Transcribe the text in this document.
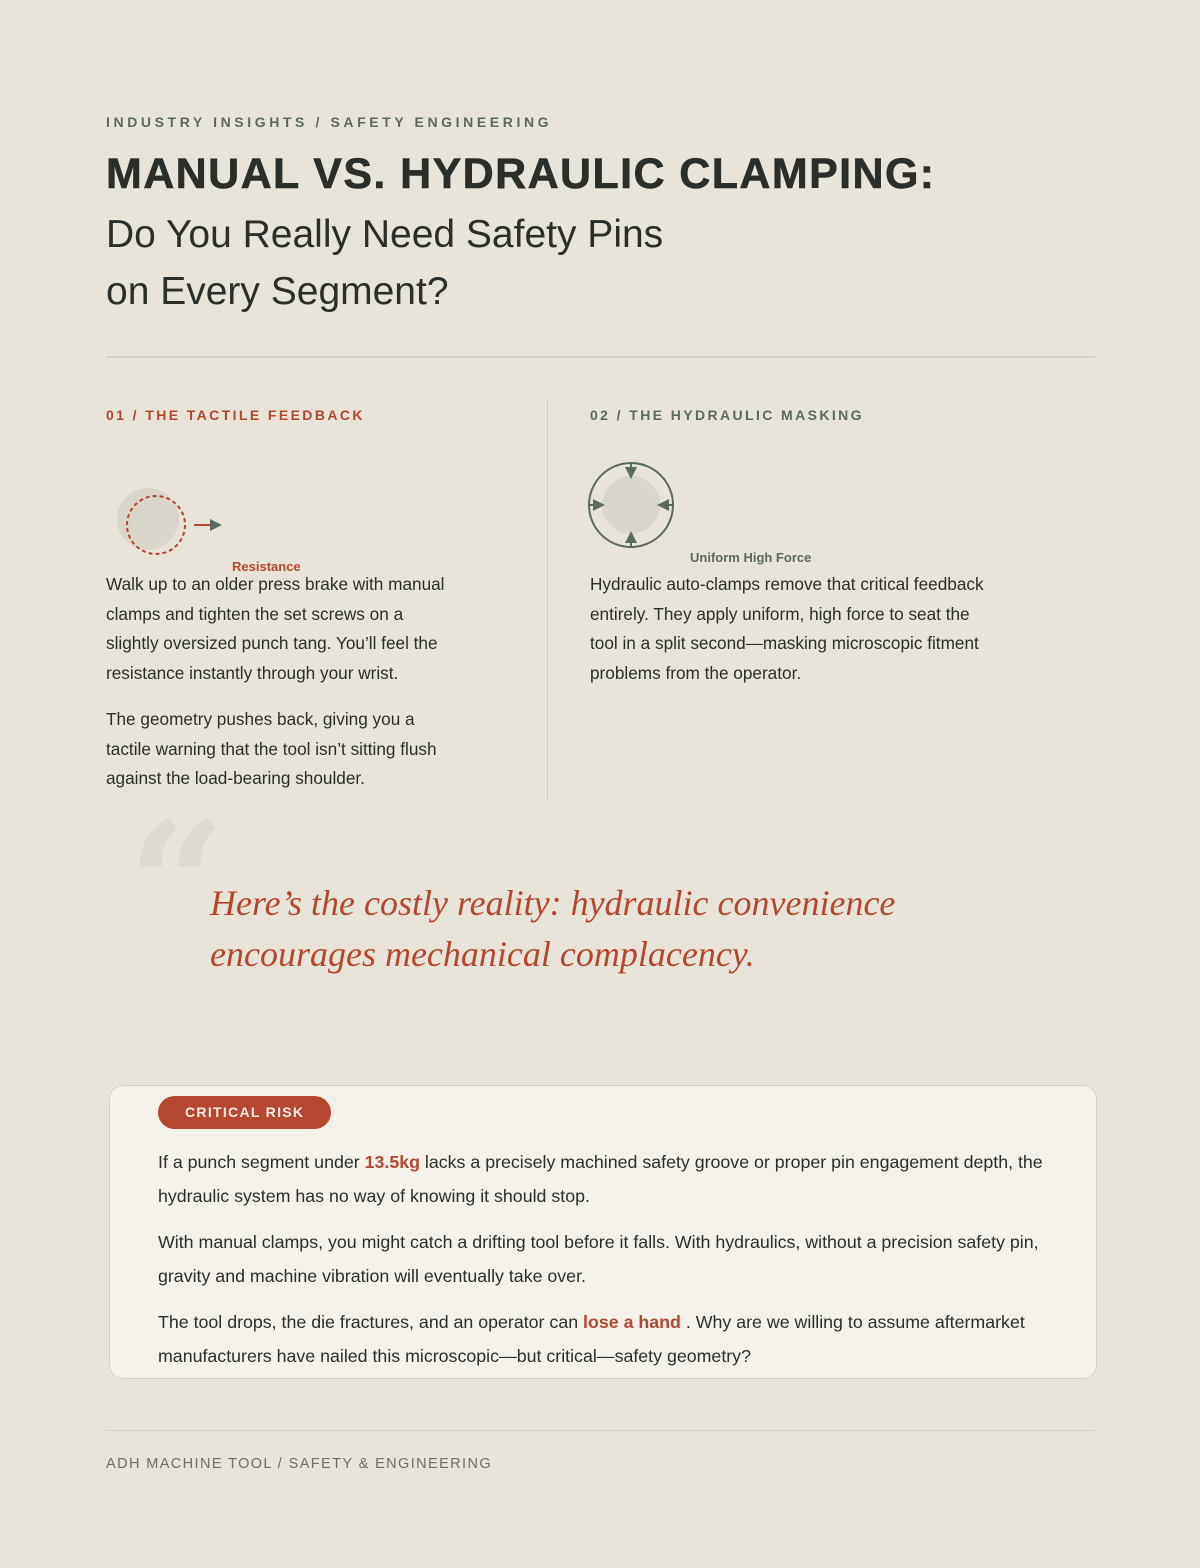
INDUSTRY INSIGHTS / SAFETY ENGINEERING
MANUAL VS. HYDRAULIC CLAMPING:
Do You Really Need Safety Pins
on Every Segment?
01 / THE TACTILE FEEDBACK
Resistance

Walk up to an older press brake with manual clamps and tighten the set screws on a slightly oversized punch tang. You’ll feel the resistance instantly through your wrist.

The geometry pushes back, giving you a tactile warning that the tool isn’t sitting flush against the load-bearing shoulder.

02 / THE HYDRAULIC MASKING
Uniform High Force

Hydraulic auto-clamps remove that critical feedback entirely. They apply uniform, high force to seat the tool in a split second—masking microscopic fitment problems from the operator.

“
Here’s the costly reality: hydraulic convenience encourages mechanical complacency.
CRITICAL RISK

If a punch segment under 13.5kg lacks a precisely machined safety groove or proper pin engagement depth, the hydraulic system has no way of knowing it should stop.

With manual clamps, you might catch a drifting tool before it falls. With hydraulics, without a precision safety pin, gravity and machine vibration will eventually take over.

The tool drops, the die fractures, and an operator can lose a hand . Why are we willing to assume aftermarket manufacturers have nailed this microscopic—but critical—safety geometry?

ADH MACHINE TOOL / SAFETY & ENGINEERING
